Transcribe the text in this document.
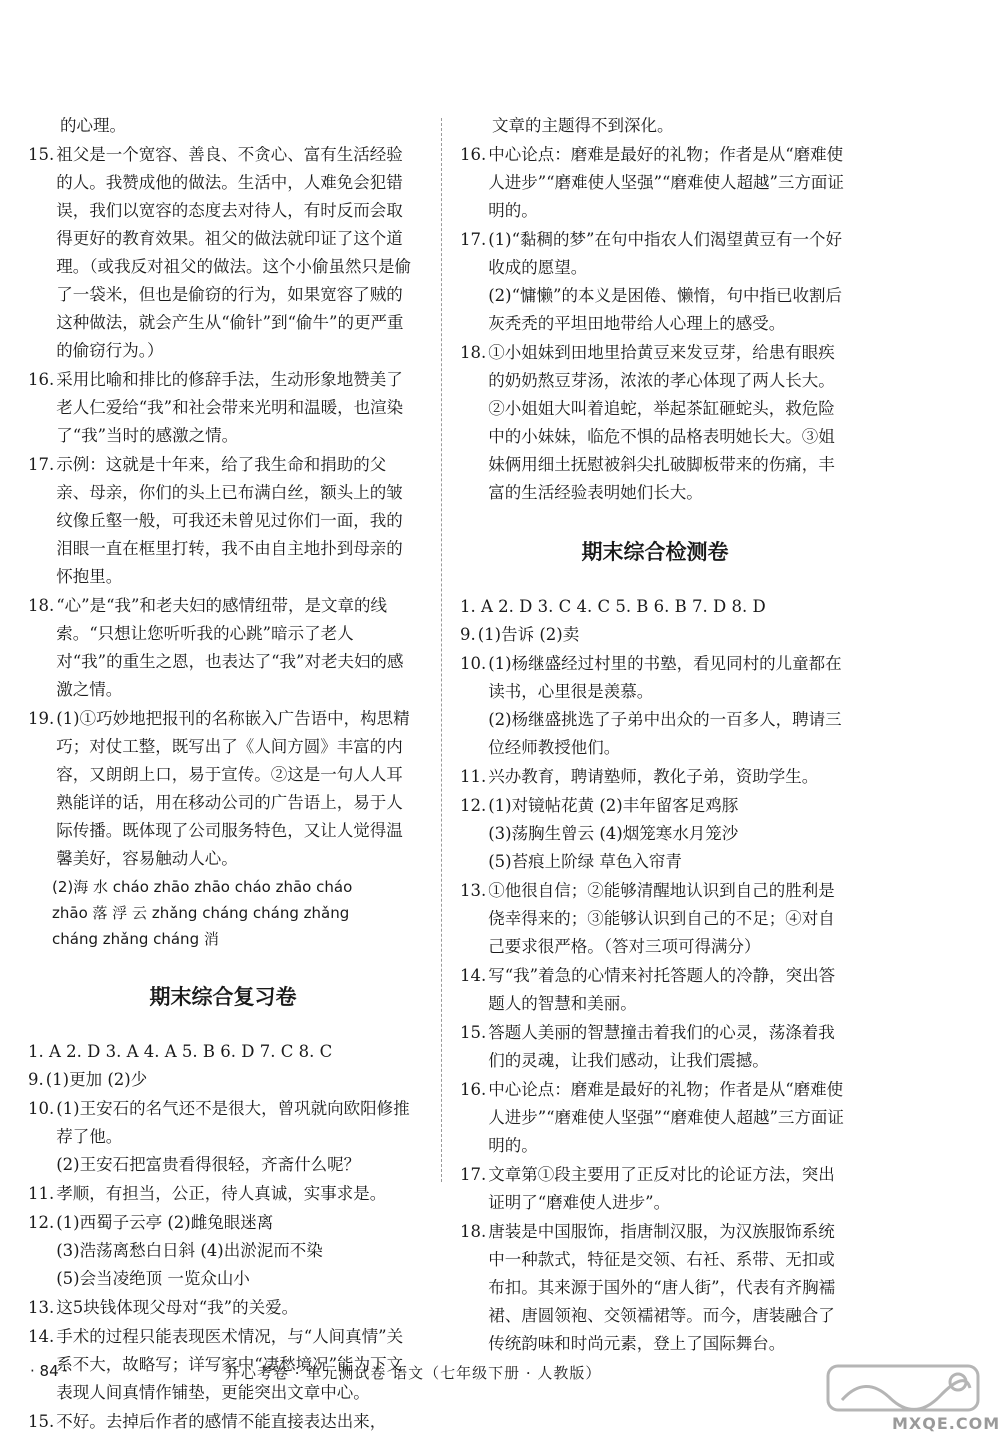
的心理。
15. 祖父是一个宽容、善良、不贪心、富有生活经验的人。我赞成他的做法。生活中，人难免会犯错误，我们以宽容的态度去对待人，有时反而会取得更好的教育效果。祖父的做法就印证了这个道理。（或我反对祖父的做法。这个小偷虽然只是偷了一袋米，但也是偷窃的行为，如果宽容了贼的这种做法，就会产生从“偷针”到“偷牛”的更严重的偷窃行为。）
16. 采用比喻和排比的修辞手法，生动形象地赞美了老人仁爱给“我”和社会带来光明和温暖，也渲染了“我”当时的感激之情。
17. 示例：这就是十年来，给了我生命和捐助的父亲、母亲，你们的头上已布满白丝，额头上的皱纹像丘壑一般，可我还未曾见过你们一面，我的泪眼一直在框里打转，我不由自主地扑到母亲的怀抱里。
18. “心”是“我”和老夫妇的感情纽带，是文章的线索。“只想让您听听我的心跳”暗示了老人对“我”的重生之恩，也表达了“我”对老夫妇的感激之情。
19. (1)①巧妙地把报刊的名称嵌入广告语中，构思精巧；对仗工整，既写出了《人间方圆》丰富的内容，又朗朗上口，易于宣传。②这是一句人人耳熟能详的话，用在移动公司的广告语上，易于人际传播。既体现了公司服务特色，又让人觉得温馨美好，容易触动人心。

(2)海 水 cháo zhāo zhāo cháo zhāo cháo
zhāo 落 浮 云 zhǎng cháng cháng zhǎng
cháng zhǎng cháng 消
期末综合复习卷

1. A 2. D 3. A 4. A 5. B 6. D 7. C 8. C

9. (1)更加 (2)少
10. (1)王安石的名气还不是很大，曾巩就向欧阳修推荐了他。

(2)王安石把富贵看得很轻，齐斋什么呢？

11. 孝顺，有担当，公正，待人真诚，实事求是。
12. (1)西蜀子云亭 (2)雌兔眼迷离

(3)浩荡离愁白日斜 (4)出淤泥而不染

(5)会当凌绝顶 一览众山小

13. 这5块钱体现父母对“我”的关爱。
14. 手术的过程只能表现医术情况，与“人间真情”关系不大，故略写；详写家中“凄愁境况”能为下文表现人间真情作铺垫，更能突出文章中心。
15. 不好。去掉后作者的感情不能直接表达出来，
文章的主题得不到深化。
16. 中心论点：磨难是最好的礼物；作者是从“磨难使人进步”“磨难使人坚强”“磨难使人超越”三方面证明的。
17. (1)“黏稠的梦”在句中指农人们渴望黄豆有一个好收成的愿望。

(2)“慵懒”的本义是困倦、懒惰，句中指已收割后灰秃秃的平坦田地带给人心理上的感受。

18. ①小姐妹到田地里拾黄豆来发豆芽，给患有眼疾的奶奶熬豆芽汤，浓浓的孝心体现了两人长大。②小姐姐大叫着追蛇，举起茶缸砸蛇头，救危险中的小妹妹，临危不惧的品格表明她长大。③姐妹俩用细土抚慰被斜尖扎破脚板带来的伤痛，丰富的生活经验表明她们长大。
期末综合检测卷

1. A 2. D 3. C 4. C 5. B 6. B 7. D 8. D

9. (1)告诉 (2)卖
10. (1)杨继盛经过村里的书塾，看见同村的儿童都在读书，心里很是羡慕。

(2)杨继盛挑选了子弟中出众的一百多人，聘请三位经师教授他们。

11. 兴办教育，聘请塾师，教化子弟，资助学生。
12. (1)对镜帖花黄 (2)丰年留客足鸡豚

(3)荡胸生曾云 (4)烟笼寒水月笼沙

(5)苔痕上阶绿 草色入帘青

13. ①他很自信；②能够清醒地认识到自己的胜利是侥幸得来的；③能够认识到自己的不足；④对自己要求很严格。（答对三项可得满分）
14. 写“我”着急的心情来衬托答题人的冷静，突出答题人的智慧和美丽。
15. 答题人美丽的智慧撞击着我们的心灵，荡涤着我们的灵魂，让我们感动，让我们震撼。
16. 中心论点：磨难是最好的礼物；作者是从“磨难使人进步”“磨难使人坚强”“磨难使人超越”三方面证明的。
17. 文章第①段主要用了正反对比的论证方法，突出证明了“磨难使人进步”。
18. 唐装是中国服饰，指唐制汉服，为汉族服饰系统中一种款式，特征是交领、右衽、系带、无扣或布扣。其来源于国外的“唐人街”，代表有齐胸襦裙、唐圆领袍、交领襦裙等。而今，唐装融合了传统韵味和时尚元素，登上了国际舞台。
· 84 ·	开心考卷 · 单元测试卷 语文（七年级下册 · 人教版）
MXQE.COM
